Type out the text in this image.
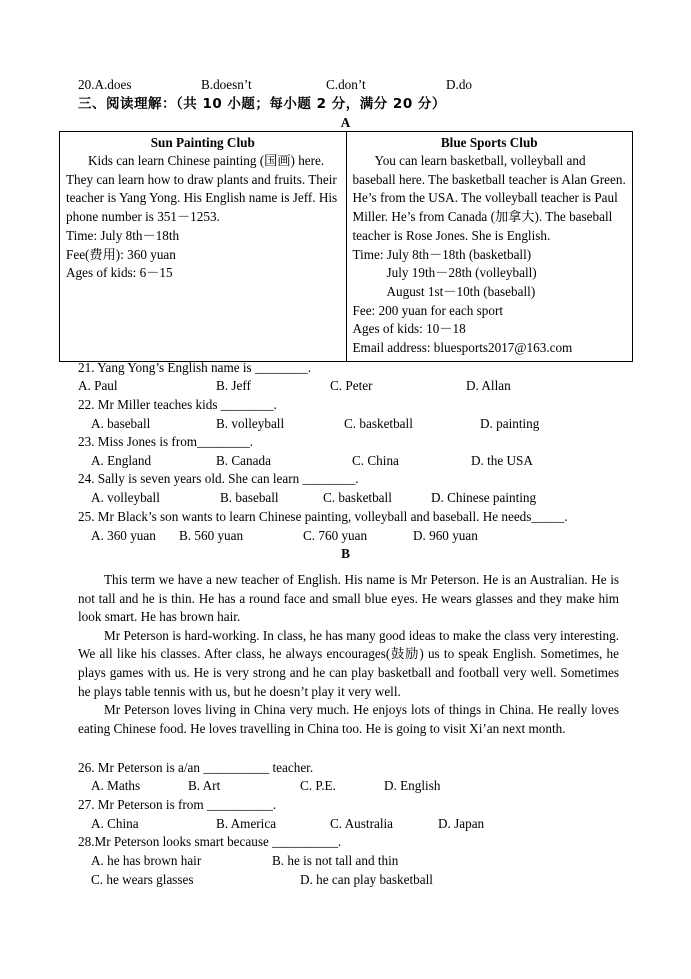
20.A.does	B.doesn’t	C.don’t	D.do
三、阅读理解：（共 10 小题；每小题 2 分，满分 20 分）
A
Sun Painting Club
Kids can learn Chinese painting (国画) here. They can learn how to draw plants and fruits. Their teacher is Yang Yong. His English name is Jeff. His phone number is 351－1253.
Time: July 8th－18th
Fee(费用): 360 yuan
Ages of kids: 6－15

Blue Sports Club
You can learn basketball, volleyball and baseball here. The basketball teacher is Alan Green. He’s from the USA. The volleyball teacher is Paul Miller. He’s from Canada (加拿大). The baseball teacher is Rose Jones. She is English.
Time: July 8th－18th (basketball)
July 19th－28th (volleyball)
August 1st－10th (baseball)
Fee: 200 yuan for each sport
Ages of kids: 10－18
Email address: bluesports2017@163.com
21. Yang Yong’s English name is ________.
A. Paul	B. Jeff	C. Peter	D. Allan
22. Mr Miller teaches kids ________.
A. baseball	B. volleyball	C. basketball	D. painting
23. Miss Jones is from________.
A. England	B. Canada	C. China	D. the USA
24. Sally is seven years old. She can learn ________.
A. volleyball	B. baseball	C. basketball	D. Chinese painting
25. Mr Black’s son wants to learn Chinese painting, volleyball and baseball. He needs_____.
A. 360 yuan B. 560 yuan	C. 760 yuan	D. 960 yuan
B

This term we have a new teacher of English. His name is Mr Peterson. He is an Australian. He is not tall and he is thin. He has a round face and small blue eyes. He wears glasses and they make him look smart. He has brown hair.

Mr Peterson is hard-working. In class, he has many good ideas to make the class very interesting. We all like his classes. After class, he always encourages(鼓励) us to speak English. Sometimes, he plays games with us. He is very strong and he can play basketball and football very well. Sometimes he plays table tennis with us, but he doesn’t play it very well.

Mr Peterson loves living in China very much. He enjoys lots of things in China. He really loves eating Chinese food. He loves travelling in China too. He is going to visit Xi’an next month.

26. Mr Peterson is a/an __________ teacher.
A. Maths	B. Art	C. P.E.	D. English
27. Mr Peterson is from __________.
A. China	B. America	C. Australia	D. Japan
28.Mr Peterson looks smart because __________.
A. he has brown hair	B. he is not tall and thin
C. he wears glasses	D. he can play basketball
